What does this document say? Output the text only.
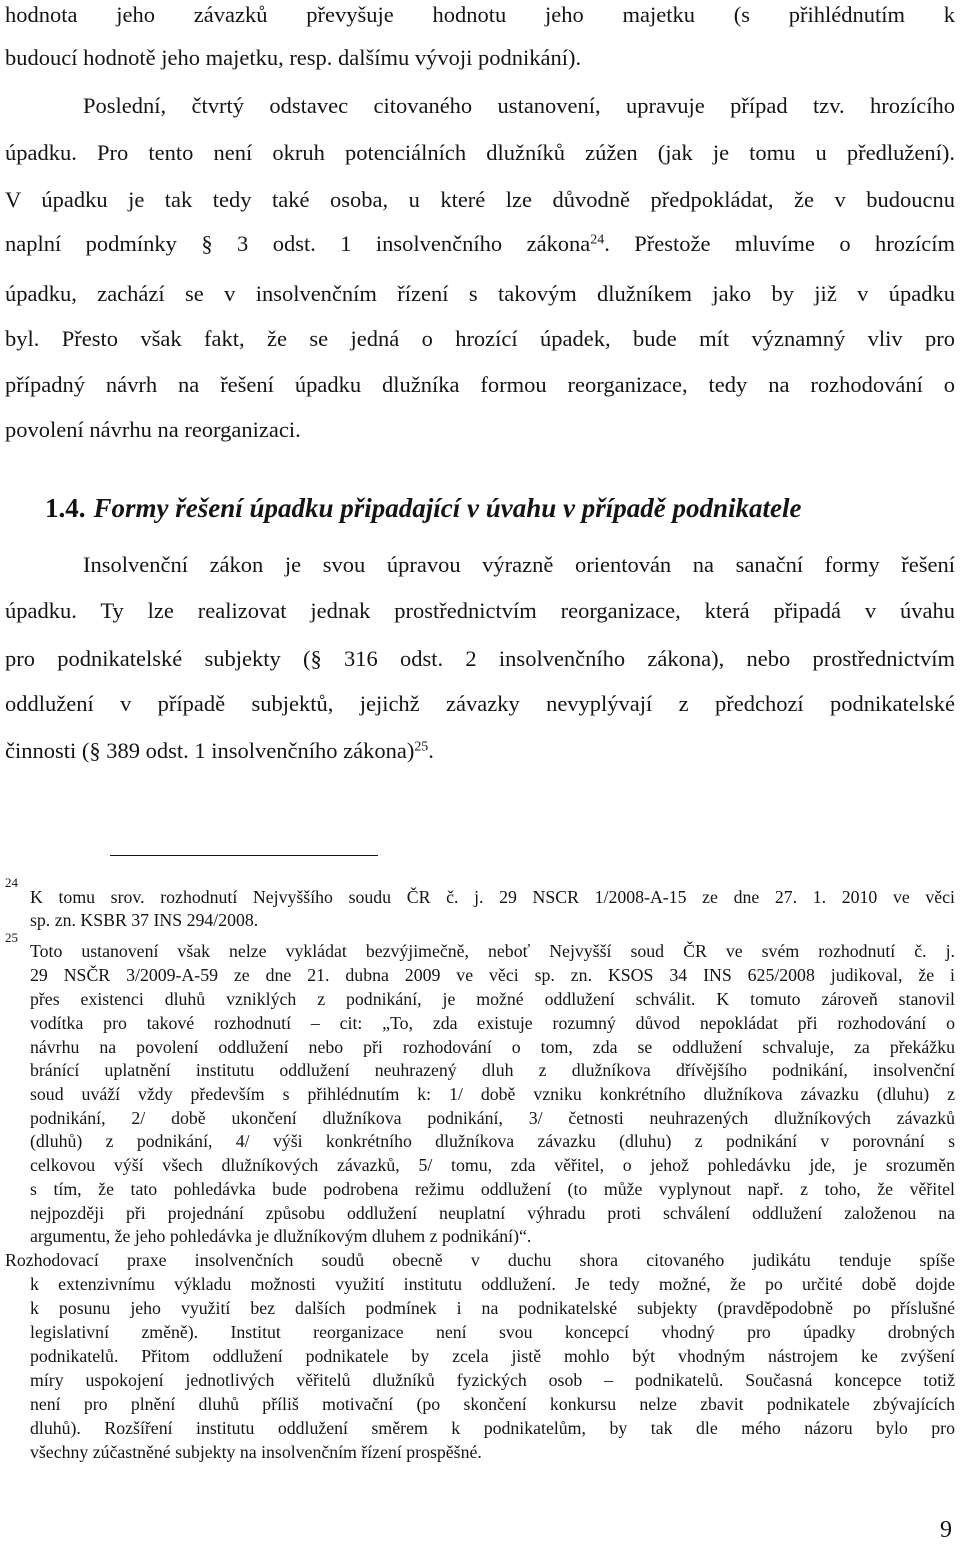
hodnota jeho závazků převyšuje hodnotu jeho majetku (s přihlédnutím k
budoucí hodnotě jeho majetku, resp. dalšímu vývoji podnikání).
Poslední, čtvrtý odstavec citovaného ustanovení, upravuje případ tzv. hrozícího
úpadku. Pro tento není okruh potenciálních dlužníků zúžen (jak je tomu u předlužení).
V úpadku je tak tedy také osoba, u které lze důvodně předpokládat, že v budoucnu
naplní podmínky § 3 odst. 1 insolvenčního zákona$^{24}$. Přestože mluvíme o hrozícím
úpadku, zachází se v insolvenčním řízení s takovým dlužníkem jako by již v úpadku
byl. Přesto však fakt, že se jedná o hrozící úpadek, bude mít významný vliv pro
případný návrh na řešení úpadku dlužníka formou reorganizace, tedy na rozhodování o
povolení návrhu na reorganizaci.
1.4. Formy řešení úpadku připadající v úvahu v případě podnikatele
Insolvenční zákon je svou úpravou výrazně orientován na sanační formy řešení
úpadku. Ty lze realizovat jednak prostřednictvím reorganizace, která připadá v úvahu
pro podnikatelské subjekty (§ 316 odst. 2 insolvenčního zákona), nebo prostřednictvím
oddlužení v případě subjektů, jejichž závazky nevyplývají z předchozí podnikatelské
činnosti (§ 389 odst. 1 insolvenčního zákona)$^{25}$.
24
K tomu srov. rozhodnutí Nejvyššího soudu ČR č. j. 29 NSCR 1/2008-A-15 ze dne 27. 1. 2010 ve věci
sp. zn. KSBR 37 INS 294/2008.
25
Toto ustanovení však nelze vykládat bezvýjimečně, neboť Nejvyšší soud ČR ve svém rozhodnutí č. j.
29 NSČR 3/2009-A-59 ze dne 21. dubna 2009 ve věci sp. zn. KSOS 34 INS 625/2008 judikoval, že i
přes existenci dluhů vzniklých z podnikání, je možné oddlužení schválit. K tomuto zároveň stanovil
vodítka pro takové rozhodnutí – cit: „To, zda existuje rozumný důvod nepokládat při rozhodování o
návrhu na povolení oddlužení nebo při rozhodování o tom, zda se oddlužení schvaluje, za překážku
bránící uplatnění institutu oddlužení neuhrazený dluh z dlužníkova dřívějšího podnikání, insolvenční
soud uváží vždy především s přihlédnutím k: 1/ době vzniku konkrétního dlužníkova závazku (dluhu) z
podnikání, 2/ době ukončení dlužníkova podnikání, 3/ četnosti neuhrazených dlužníkových závazků
(dluhů) z podnikání, 4/ výši konkrétního dlužníkova závazku (dluhu) z podnikání v porovnání s
celkovou výší všech dlužníkových závazků, 5/ tomu, zda věřitel, o jehož pohledávku jde, je srozuměn
s tím, že tato pohledávka bude podrobena režimu oddlužení (to může vyplynout např. z toho, že věřitel
nejpozději při projednání způsobu oddlužení neuplatní výhradu proti schválení oddlužení založenou na
argumentu, že jeho pohledávka je dlužníkovým dluhem z podnikání)“.
Rozhodovací praxe insolvenčních soudů obecně v duchu shora citovaného judikátu tenduje spíše
k extenzivnímu výkladu možnosti využití institutu oddlužení. Je tedy možné, že po určité době dojde
k posunu jeho využití bez dalších podmínek i na podnikatelské subjekty (pravděpodobně po příslušné
legislativní změně). Institut reorganizace není svou koncepcí vhodný pro úpadky drobných
podnikatelů. Přitom oddlužení podnikatele by zcela jistě mohlo být vhodným nástrojem ke zvýšení
míry uspokojení jednotlivých věřitelů dlužníků fyzických osob – podnikatelů. Současná koncepce totiž
není pro plnění dluhů příliš motivační (po skončení konkursu nelze zbavit podnikatele zbývajících
dluhů). Rozšíření institutu oddlužení směrem k podnikatelům, by tak dle mého názoru bylo pro
všechny zúčastněné subjekty na insolvenčním řízení prospěšné.
9
